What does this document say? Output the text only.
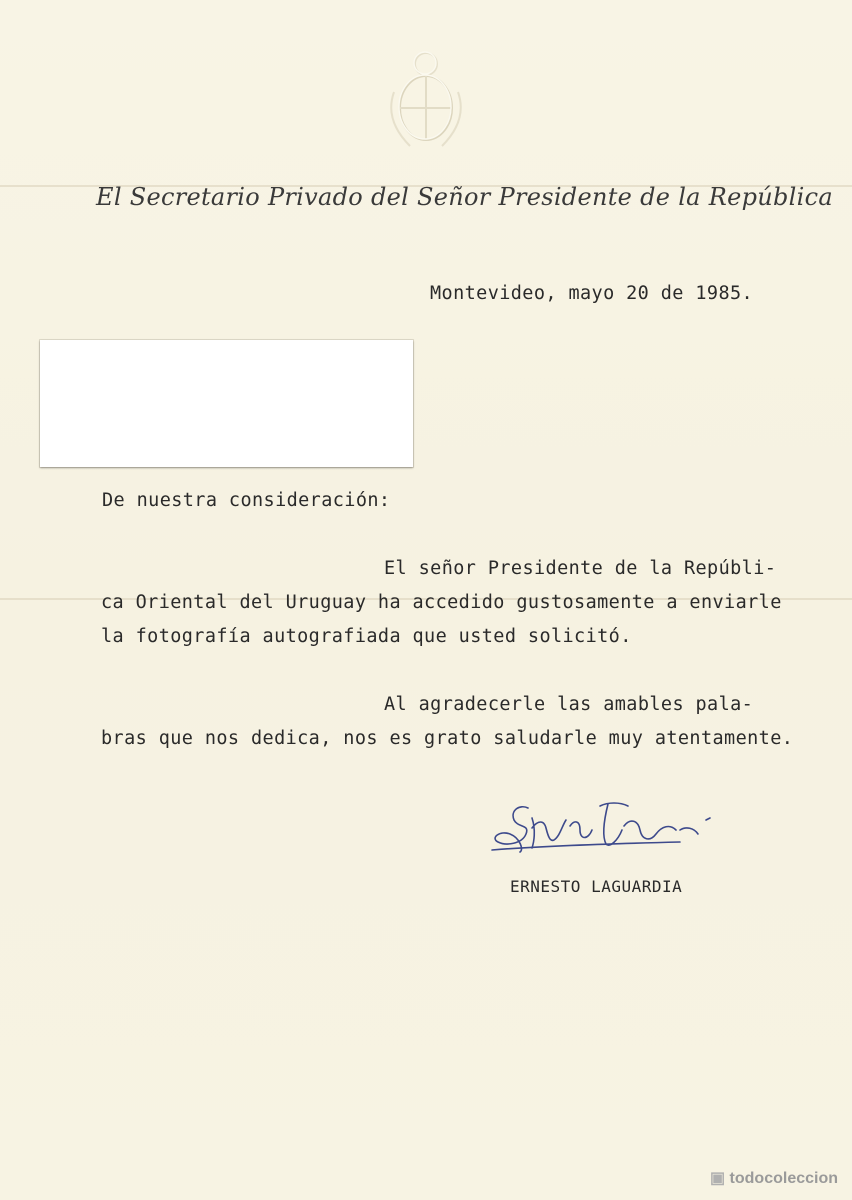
El Secretario Privado del Señor Presidente de la República
Montevideo, mayo 20 de 1985.
De nuestra consideración:
El señor Presidente de la Repúbli-
ca Oriental del Uruguay ha accedido gustosamente a enviarle
la fotografía autografiada que usted solicitó.
Al agradecerle las amables pala-
bras que nos dedica, nos es grato saludarle muy atentamente.
ERNESTO LAGUARDIA
▣ todocoleccion
